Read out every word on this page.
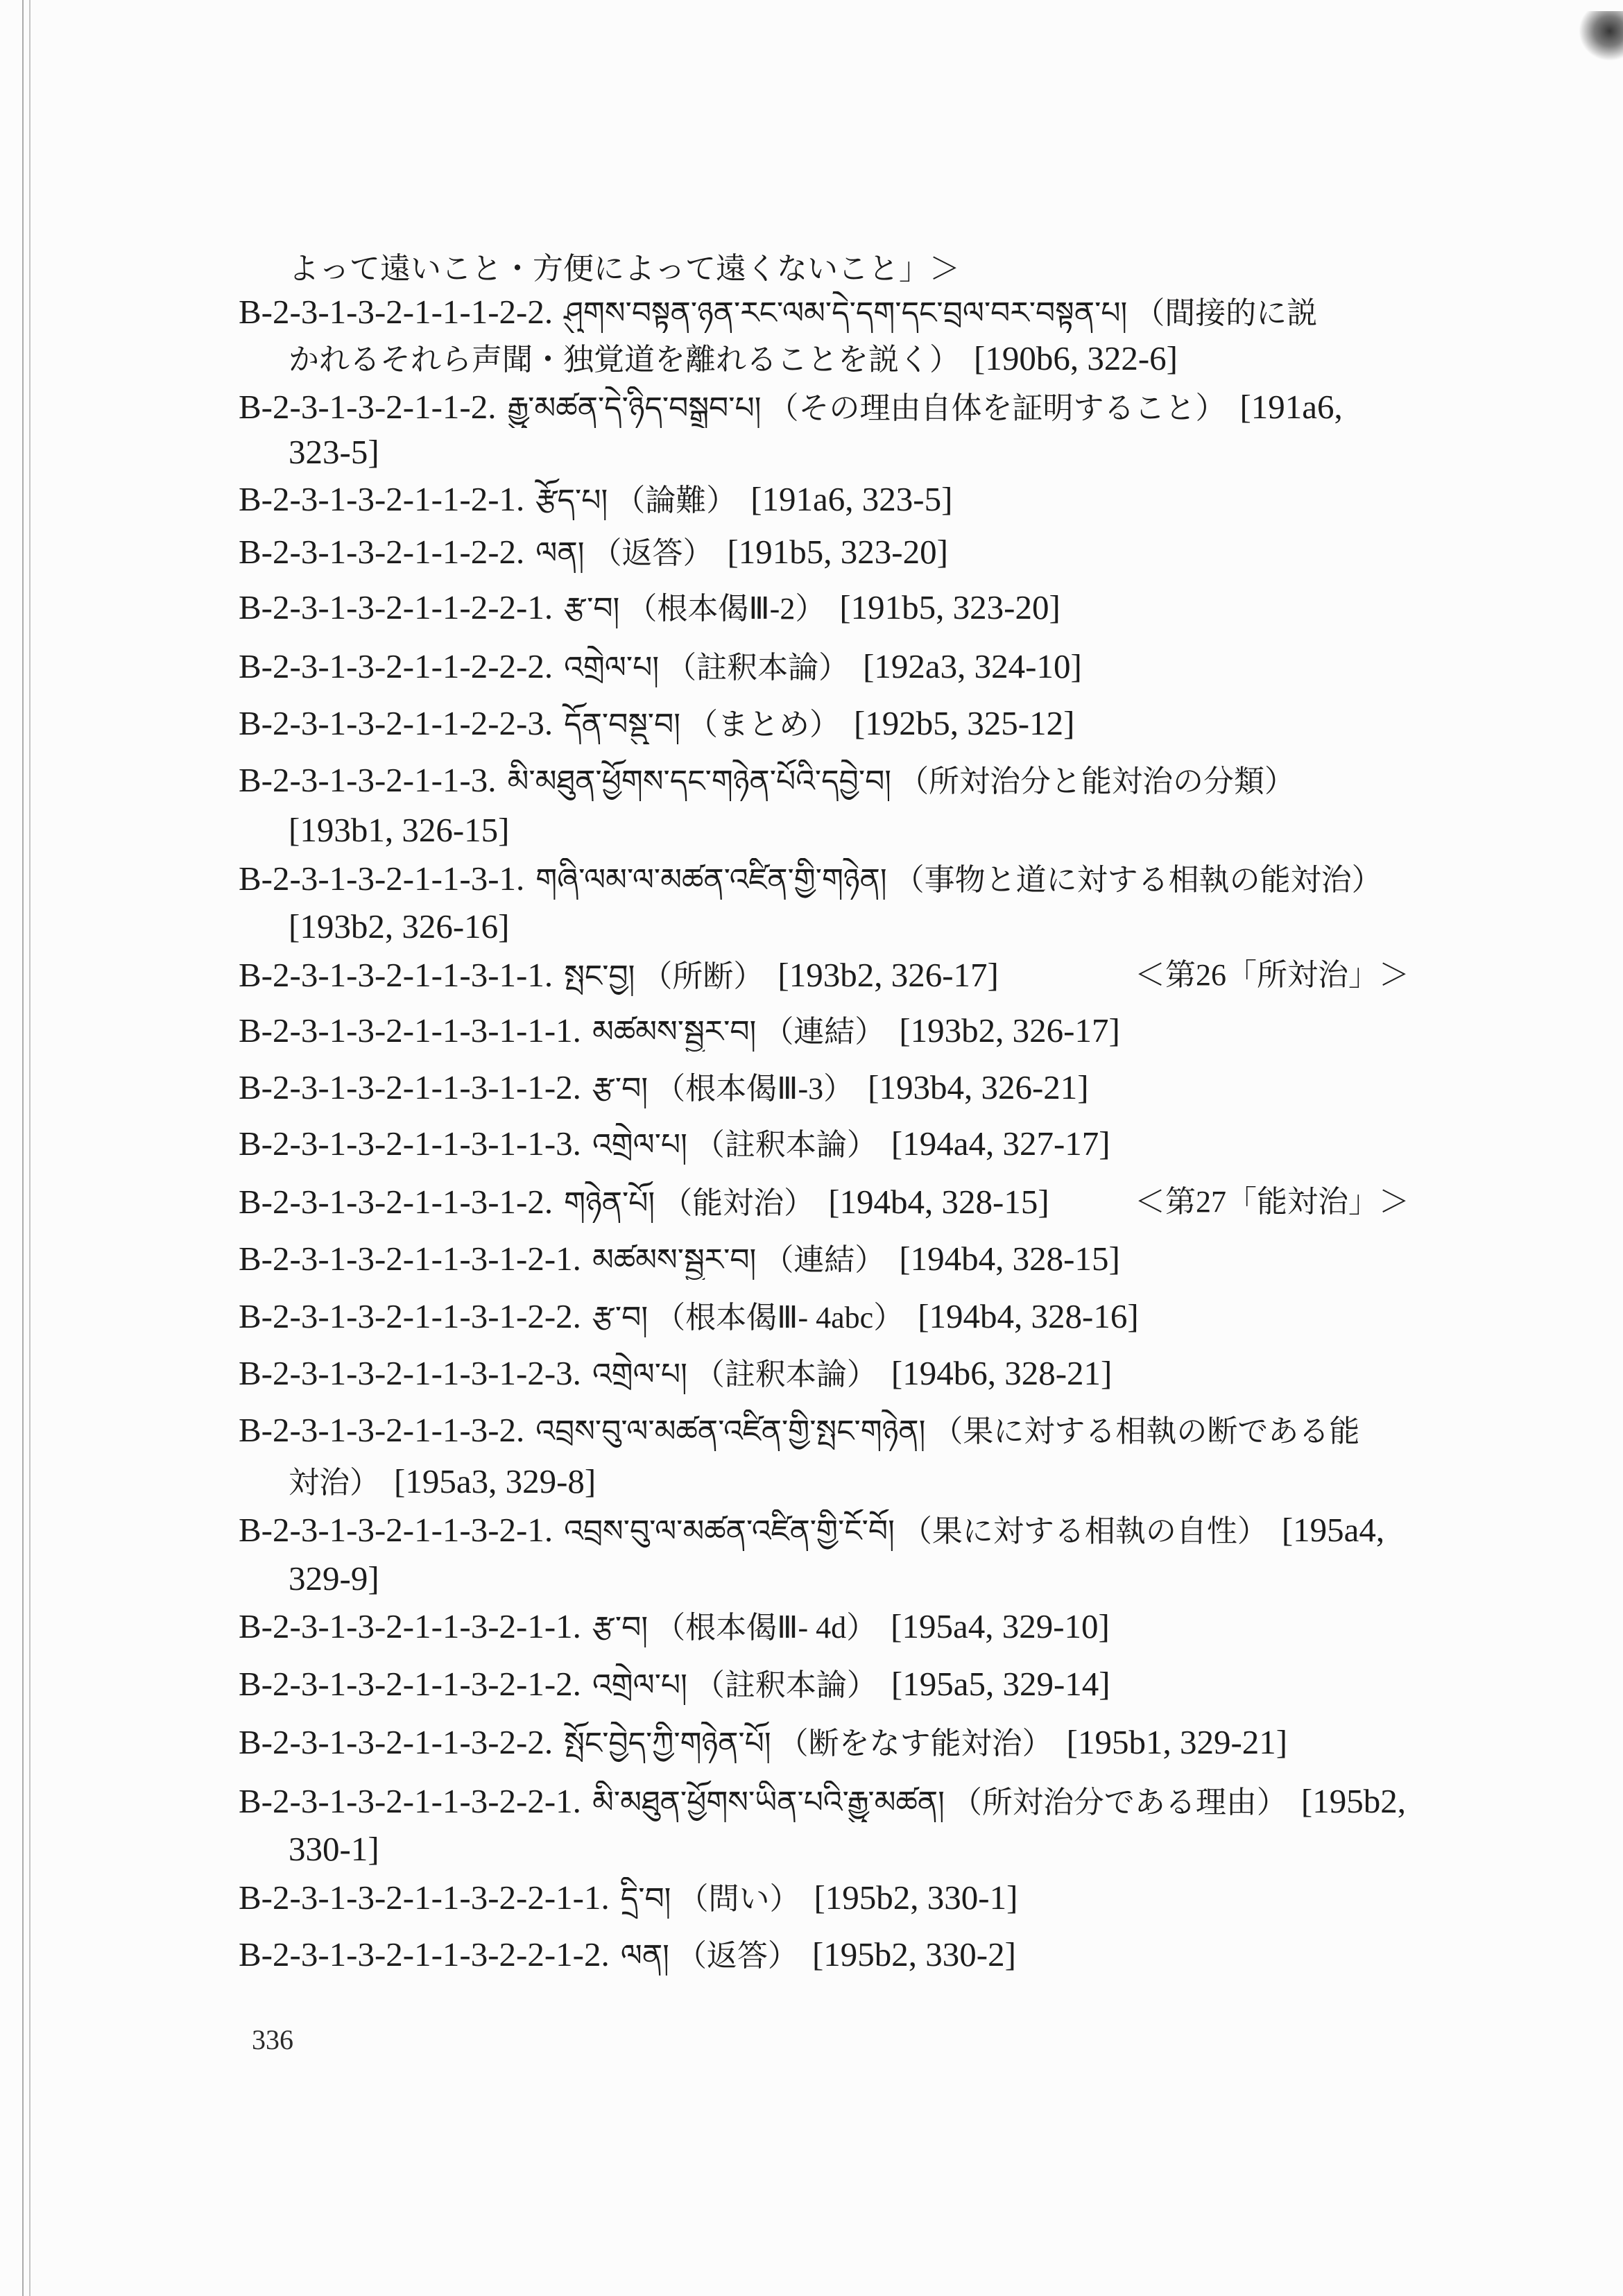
336
よって遠いこと・方便によって遠くないこと」＞
B-2-3-1-3-2-1-1-1-2-2. ཤུགས་བསྟན་ཉན་རང་ལམ་དེ་དག་དང་བྲལ་བར་བསྟན་པ། （間接的に説
かれるそれら声聞・独覚道を離れることを説く） [190b6, 322-6]
B-2-3-1-3-2-1-1-2. རྒྱུ་མཚན་དེ་ཉིད་བསྒྲུབ་པ། （その理由自体を証明すること） [191a6,
323-5]
B-2-3-1-3-2-1-1-2-1. རྩོད་པ། （論難） [191a6, 323-5]
B-2-3-1-3-2-1-1-2-2. ལན། （返答） [191b5, 323-20]
B-2-3-1-3-2-1-1-2-2-1. རྩ་བ། （根本偈Ⅲ-2） [191b5, 323-20]
B-2-3-1-3-2-1-1-2-2-2. འགྲེལ་པ། （註釈本論） [192a3, 324-10]
B-2-3-1-3-2-1-1-2-2-3. དོན་བསྡུ་བ། （まとめ） [192b5, 325-12]
B-2-3-1-3-2-1-1-3. མི་མཐུན་ཕྱོགས་དང་གཉེན་པོའི་དབྱེ་བ། （所対治分と能対治の分類）
[193b1, 326-15]
B-2-3-1-3-2-1-1-3-1. གཞི་ལམ་ལ་མཚན་འཛིན་གྱི་གཉེན། （事物と道に対する相執の能対治）
[193b2, 326-16]
B-2-3-1-3-2-1-1-3-1-1. སྤང་བྱ། （所断） [193b2, 326-17]	＜第26「所対治」＞
B-2-3-1-3-2-1-1-3-1-1-1. མཚམས་སྦྱར་བ། （連結） [193b2, 326-17]
B-2-3-1-3-2-1-1-3-1-1-2. རྩ་བ། （根本偈Ⅲ-3） [193b4, 326-21]
B-2-3-1-3-2-1-1-3-1-1-3. འགྲེལ་པ། （註釈本論） [194a4, 327-17]
B-2-3-1-3-2-1-1-3-1-2. གཉེན་པོ། （能対治） [194b4, 328-15]	＜第27「能対治」＞
B-2-3-1-3-2-1-1-3-1-2-1. མཚམས་སྦྱར་བ། （連結） [194b4, 328-15]
B-2-3-1-3-2-1-1-3-1-2-2. རྩ་བ། （根本偈Ⅲ- 4abc） [194b4, 328-16]
B-2-3-1-3-2-1-1-3-1-2-3. འགྲེལ་པ། （註釈本論） [194b6, 328-21]
B-2-3-1-3-2-1-1-3-2. འབྲས་བུ་ལ་མཚན་འཛིན་གྱི་སྤང་གཉེན། （果に対する相執の断である能
対治） [195a3, 329-8]
B-2-3-1-3-2-1-1-3-2-1. འབྲས་བུ་ལ་མཚན་འཛིན་གྱི་ངོ་བོ། （果に対する相執の自性） [195a4,
329-9]
B-2-3-1-3-2-1-1-3-2-1-1. རྩ་བ། （根本偈Ⅲ- 4d） [195a4, 329-10]
B-2-3-1-3-2-1-1-3-2-1-2. འགྲེལ་པ། （註釈本論） [195a5, 329-14]
B-2-3-1-3-2-1-1-3-2-2. སྤོང་བྱེད་ཀྱི་གཉེན་པོ། （断をなす能対治） [195b1, 329-21]
B-2-3-1-3-2-1-1-3-2-2-1. མི་མཐུན་ཕྱོགས་ཡིན་པའི་རྒྱུ་མཚན། （所対治分である理由） [195b2,
330-1]
B-2-3-1-3-2-1-1-3-2-2-1-1. དྲི་བ། （問い） [195b2, 330-1]
B-2-3-1-3-2-1-1-3-2-2-1-2. ལན། （返答） [195b2, 330-2]
